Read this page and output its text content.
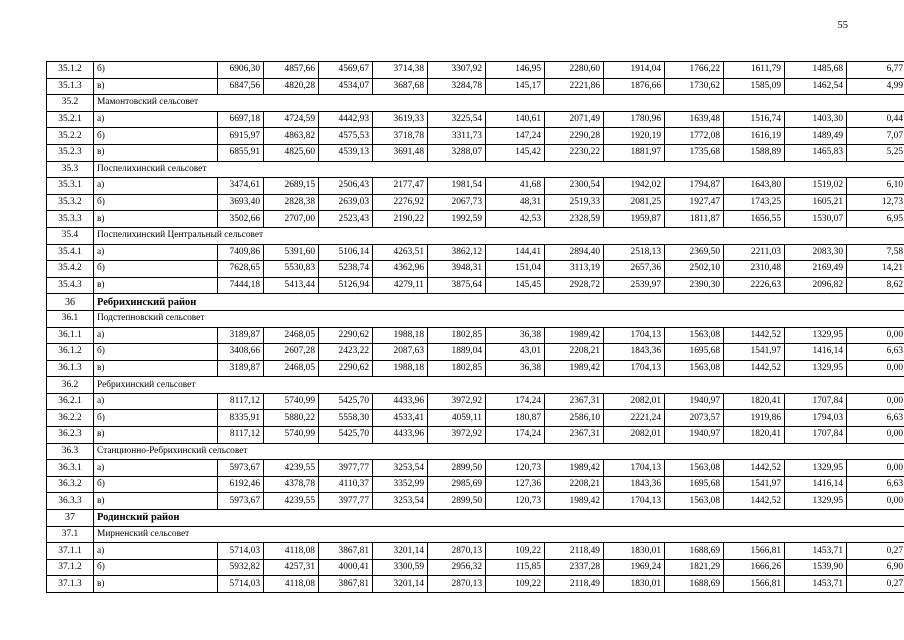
55
35.1.2	б)	6906,30	4857,66	4569,67	3714,38	3307,92	146,95	2280,60	1914,04	1766,22	1611,79	1485,68	6,77
35.1.3	в)	6847,56	4820,28	4534,07	3687,68	3284,78	145,17	2221,86	1876,66	1730,62	1585,09	1462,54	4,99
35.2	Мамонтовский сельсовет												
35.2.1	а)	6697,18	4724,59	4442,93	3619,33	3225,54	140,61	2071,49	1780,96	1639,48	1516,74	1403,30	0,44
35.2.2	б)	6915,97	4863,82	4575,53	3718,78	3311,73	147,24	2290,28	1920,19	1772,08	1616,19	1489,49	7,07
35.2.3	в)	6855,91	4825,60	4539,13	3691,48	3288,07	145,42	2230,22	1881,97	1735,68	1588,89	1465,83	5,25
35.3	Поспелихинский сельсовет												
35.3.1	а)	3474,61	2689,15	2506,43	2177,47	1981,54	41,68	2300,54	1942,02	1794,87	1643,80	1519,02	6,10
35.3.2	б)	3693,40	2828,38	2639,03	2276,92	2067,73	48,31	2519,33	2081,25	1927,47	1743,25	1605,21	12,73
35.3.3	в)	3502,66	2707,00	2523,43	2190,22	1992,59	42,53	2328,59	1959,87	1811,87	1656,55	1530,07	6,95
35.4	Поспелихинский Центральный сельсовет												
35.4.1	а)	7409,86	5391,60	5106,14	4263,51	3862,12	144,41	2894,40	2518,13	2369,50	2211,03	2083,30	7,58
35.4.2	б)	7628,65	5530,83	5238,74	4362,96	3948,31	151,04	3113,19	2657,36	2502,10	2310,48	2169,49	14,21
35.4.3	в)	7444,18	5413,44	5126,94	4279,11	3875,64	145,45	2928,72	2539,97	2390,30	2226,63	2096,82	8,62
36	Ребрихинский район												
36.1	Подстепновский сельсовет												
36.1.1	а)	3189,87	2468,05	2290,62	1988,18	1802,85	36,38	1989,42	1704,13	1563,08	1442,52	1329,95	0,00
36.1.2	б)	3408,66	2607,28	2423,22	2087,63	1889,04	43,01	2208,21	1843,36	1695,68	1541,97	1416,14	6,63
36.1.3	в)	3189,87	2468,05	2290,62	1988,18	1802,85	36,38	1989,42	1704,13	1563,08	1442,52	1329,95	0,00
36.2	Ребрихинский сельсовет												
36.2.1	а)	8117,12	5740,99	5425,70	4433,96	3972,92	174,24	2367,31	2082,01	1940,97	1820,41	1707,84	0,00
36.2.2	б)	8335,91	5880,22	5558,30	4533,41	4059,11	180,87	2586,10	2221,24	2073,57	1919,86	1794,03	6,63
36.2.3	в)	8117,12	5740,99	5425,70	4433,96	3972,92	174,24	2367,31	2082,01	1940,97	1820,41	1707,84	0,00
36.3	Станционно-Ребрихинский сельсовет												
36.3.1	а)	5973,67	4239,55	3977,77	3253,54	2899,50	120,73	1989,42	1704,13	1563,08	1442,52	1329,95	0,00
36.3.2	б)	6192,46	4378,78	4110,37	3352,99	2985,69	127,36	2208,21	1843,36	1695,68	1541,97	1416,14	6,63
36.3.3	в)	5973,67	4239,55	3977,77	3253,54	2899,50	120,73	1989,42	1704,13	1563,08	1442,52	1329,95	0,00
37	Родинский район												
37.1	Мирненский сельсовет												
37.1.1	а)	5714,03	4118,08	3867,81	3201,14	2870,13	109,22	2118,49	1830,01	1688,69	1566,81	1453,71	0,27
37.1.2	б)	5932,82	4257,31	4000,41	3300,59	2956,32	115,85	2337,28	1969,24	1821,29	1666,26	1539,90	6,90
37.1.3	в)	5714,03	4118,08	3867,81	3201,14	2870,13	109,22	2118,49	1830,01	1688,69	1566,81	1453,71	0,27
